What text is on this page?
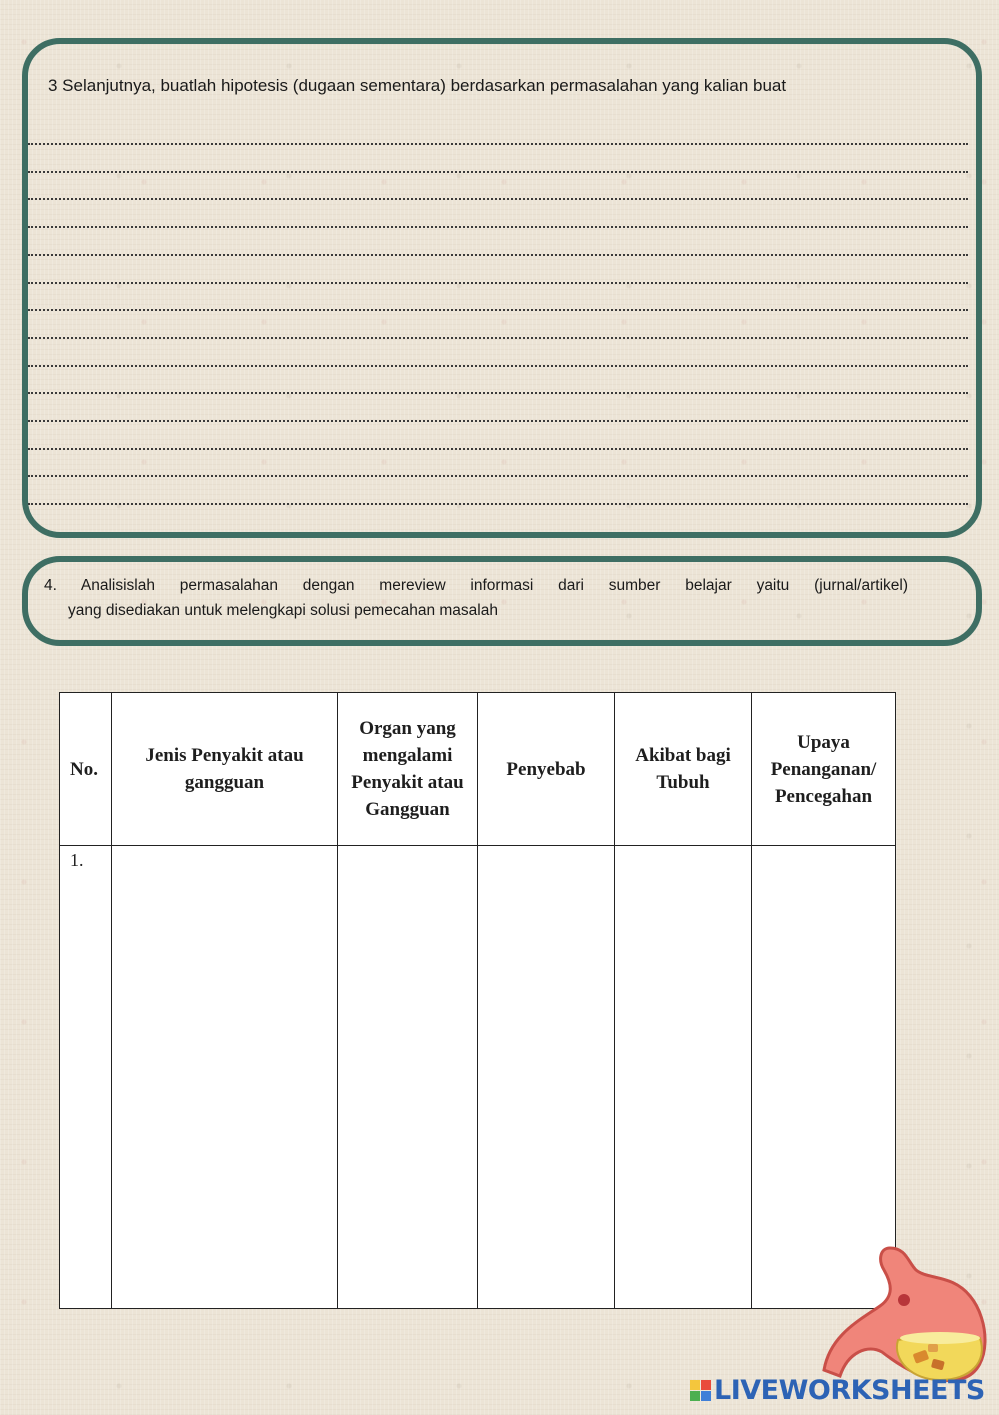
3 Selanjutnya, buatlah hipotesis (dugaan sementara) berdasarkan permasalahan yang kalian buat

4. Analisislah permasalahan dengan mereview informasi dari sumber belajar yaitu (jurnal/artikel)

yang disediakan untuk melengkapi solusi pemecahan masalah

No.	Jenis Penyakit atau gangguan	Organ yang mengalami Penyakit atau Gangguan	Penyebab	Akibat bagi Tubuh	Upaya Penanganan/ Pencegahan
1.					
LIVEWORKSHEETS
